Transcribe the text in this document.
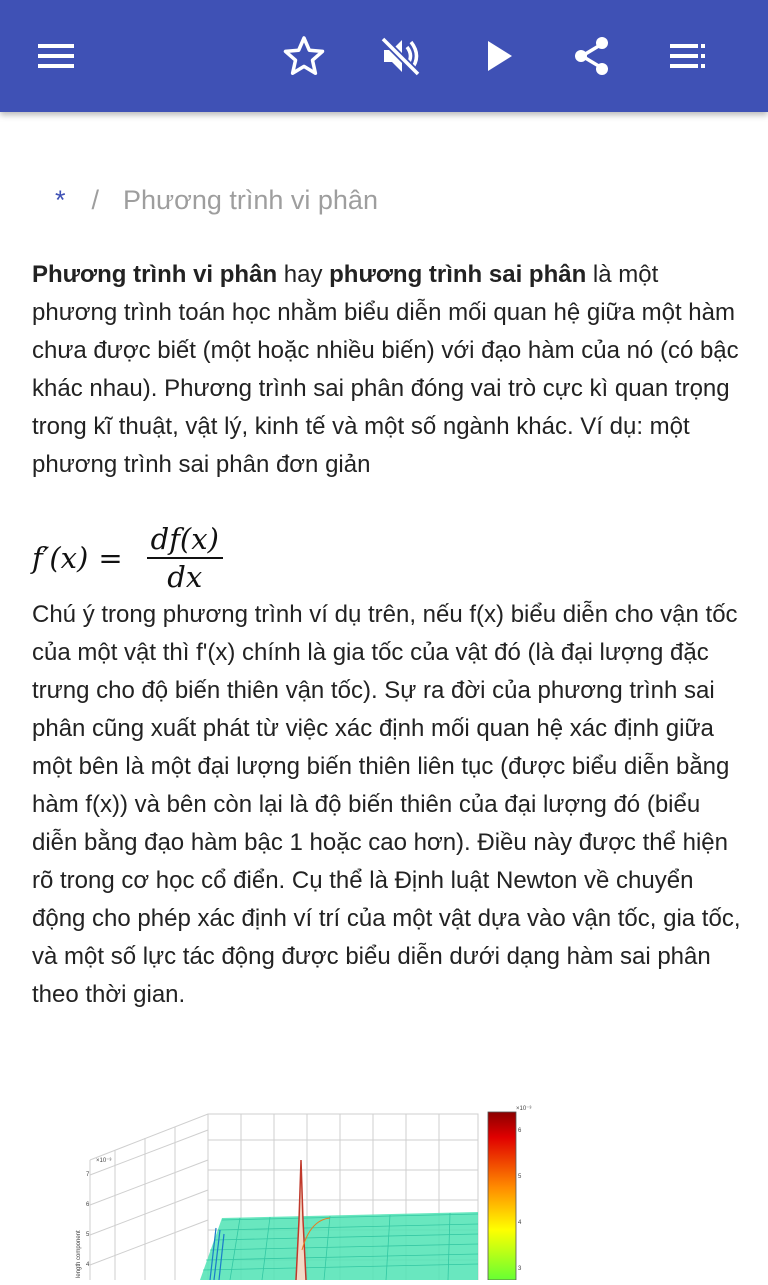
* / Phương trình vi phân
Phương trình vi phân hay phương trình sai phân là một phương trình toán học nhằm biểu diễn mối quan hệ giữa một hàm chưa được biết (một hoặc nhiều biến) với đạo hàm của nó (có bậc khác nhau). Phương trình sai phân đóng vai trò cực kì quan trọng trong kĩ thuật, vật lý, kinh tế và một số ngành khác. Ví dụ: một phương trình sai phân đơn giản
$f'(x) = \frac{df(x)}{dx}$
Chú ý trong phương trình ví dụ trên, nếu f(x) biểu diễn cho vận tốc của một vật thì f'(x) chính là gia tốc của vật đó (là đại lượng đặc trưng cho độ biến thiên vận tốc). Sự ra đời của phương trình sai phân cũng xuất phát từ việc xác định mối quan hệ xác định giữa một bên là một đại lượng biến thiên liên tục (được biểu diễn bằng hàm f(x)) và bên còn lại là độ biến thiên của đại lượng đó (biểu diễn bằng đạo hàm bậc 1 hoặc cao hơn). Điều này được thể hiện rõ trong cơ học cổ điển. Cụ thể là Định luật Newton về chuyển động cho phép xác định ví trí của một vật dựa vào vận tốc, gia tốc, và một số lực tác động được biểu diễn dưới dạng hàm sai phân theo thời gian.
×10⁻³
7
6
5
4
length component
×10⁻³
6
5
4
3
